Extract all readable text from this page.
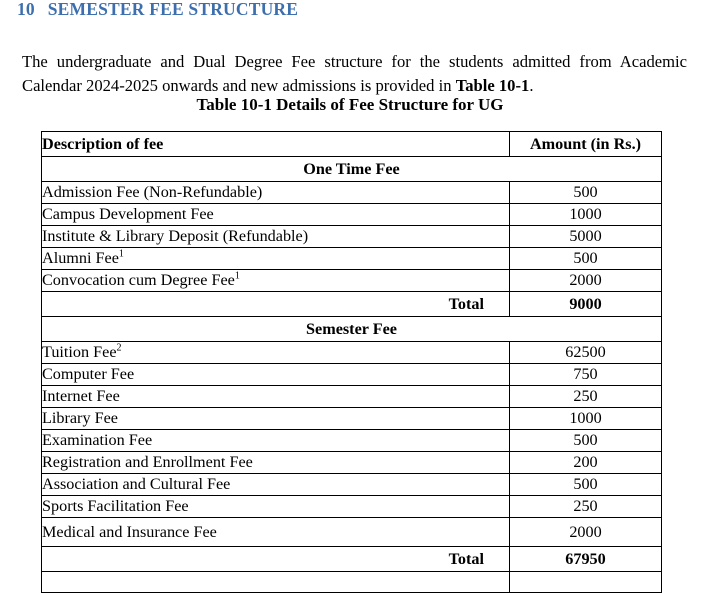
10 SEMESTER FEE STRUCTURE

The undergraduate and Dual Degree Fee structure for the students admitted from Academic Calendar 2024-2025 onwards and new admissions is provided in Table 10-1.

Table 10-1 Details of Fee Structure for UG
Description of fee	Amount (in Rs.)
One Time Fee	
Admission Fee (Non-Refundable)	500
Campus Development Fee	1000
Institute & Library Deposit (Refundable)	5000
Alumni Fee$^1$	500
Convocation cum Degree Fee$^1$	2000
Total	9000
Semester Fee	
Tuition Fee$^2$	62500
Computer Fee	750
Internet Fee	250
Library Fee	1000
Examination Fee	500
Registration and Enrollment Fee	200
Association and Cultural Fee	500
Sports Facilitation Fee	250
Medical and Insurance Fee	2000
Total	67950
